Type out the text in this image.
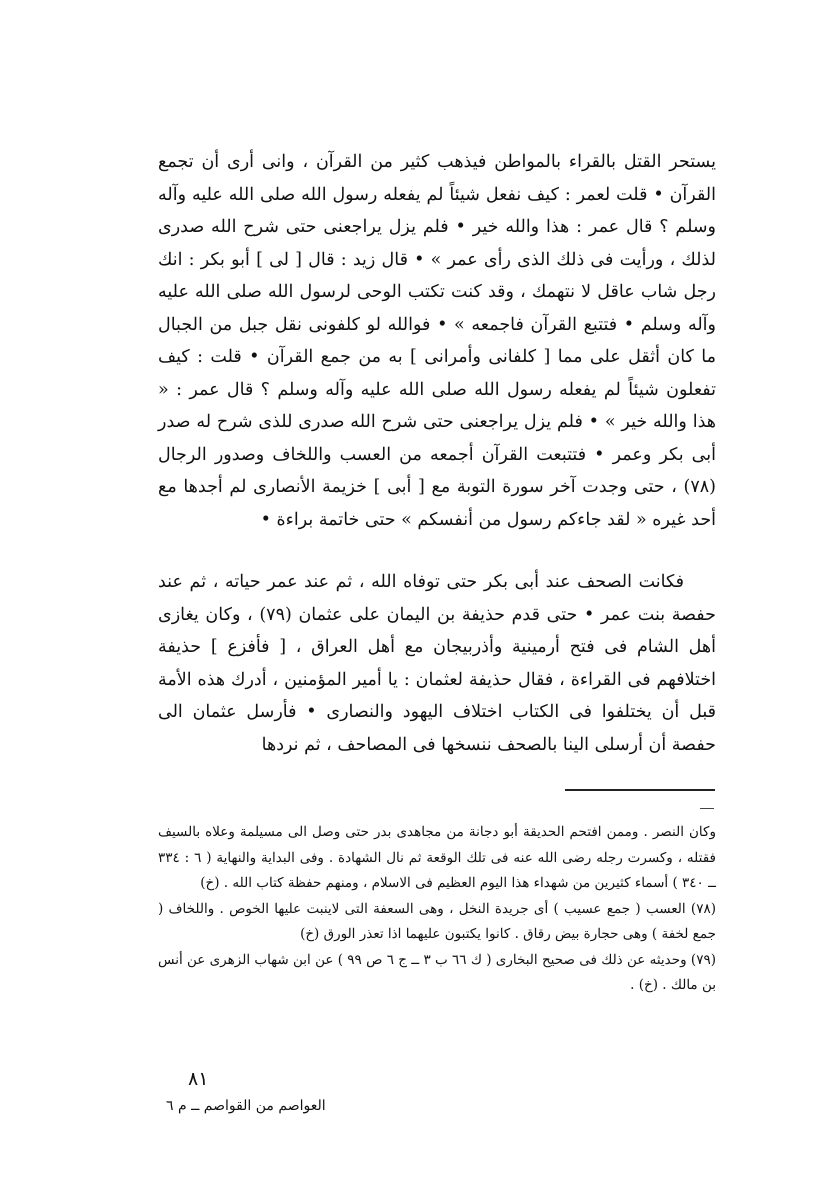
يستحر القتل بالقراء بالمواطن فيذهب كثير من القرآن ، وانى أرى أن تجمع القرآن • قلت لعمر : كيف نفعل شيئاً لم يفعله رسول الله صلى الله عليه وآله وسلم ؟ قال عمر : هذا والله خير • فلم يزل يراجعنى حتى شرح الله صدرى لذلك ، ورأيت فى ذلك الذى رأى عمر » • قال زيد : قال [ لى ] أبو بكر : انك رجل شاب عاقل لا نتهمك ، وقد كنت تكتب الوحى لرسول الله صلى الله عليه وآله وسلم • فتتبع القرآن فاجمعه » • فوالله لو كلفونى نقل جبل من الجبال ما كان أثقل على مما [ كلفانى وأمرانى ] به من جمع القرآن • قلت : كيف تفعلون شيئاً لم يفعله رسول الله صلى الله عليه وآله وسلم ؟ قال عمر : « هذا والله خير » • فلم يزل يراجعنى حتى شرح الله صدرى للذى شرح له صدر أبى بكر وعمر • فتتبعت القرآن أجمعه من العسب واللخاف وصدور الرجال (٧٨) ، حتى وجدت آخر سورة التوبة مع [ أبى ] خزيمة الأنصارى لم أجدها مع أحد غيره « لقد جاءكم رسول من أنفسكم » حتى خاتمة براءة •

فكانت الصحف عند أبى بكر حتى توفاه الله ، ثم عند عمر حياته ، ثم عند حفصة بنت عمر • حتى قدم حذيفة بن اليمان على عثمان (٧٩) ، وكان يغازى أهل الشام فى فتح أرمينية وأذربيجان مع أهل العراق ، [ فأفزع ] حذيفة اختلافهم فى القراءة ، فقال حذيفة لعثمان : يا أمير المؤمنين ، أدرك هذه الأمة قبل أن يختلفوا فى الكتاب اختلاف اليهود والنصارى • فأرسل عثمان الى حفصة أن أرسلى الينا بالصحف ننسخها فى المصاحف ، ثم نردها

وكان النصر . وممن افتحم الحديقة أبو دجانة من مجاهدى بدر حتى وصل الى مسيلمة وعلاه بالسيف فقتله ، وكسرت رجله رضى الله عنه فى تلك الوقعة ثم نال الشهادة . وفى البداية والنهاية ( ٦ : ٣٣٤ ــ ٣٤٠ ) أسماء كثيرين من شهداء هذا اليوم العظيم فى الاسلام ، ومنهم حفظة كتاب الله . (خ)

(٧٨) العسب ( جمع عسيب ) أى جريدة النخل ، وهى السعفة التى لاينبت عليها الخوص . واللخاف ( جمع لخفة ) وهى حجارة بيض رقاق . كانوا يكتبون عليهما اذا تعذر الورق (خ)

(٧٩) وحديثه عن ذلك فى صحيح البخارى ( ك ٦٦ ب ٣ ــ ج ٦ ص ٩٩ ) عن ابن شهاب الزهرى عن أنس بن مالك . (خ) .

٨١
العواصم من القواصم ــ م ٦
